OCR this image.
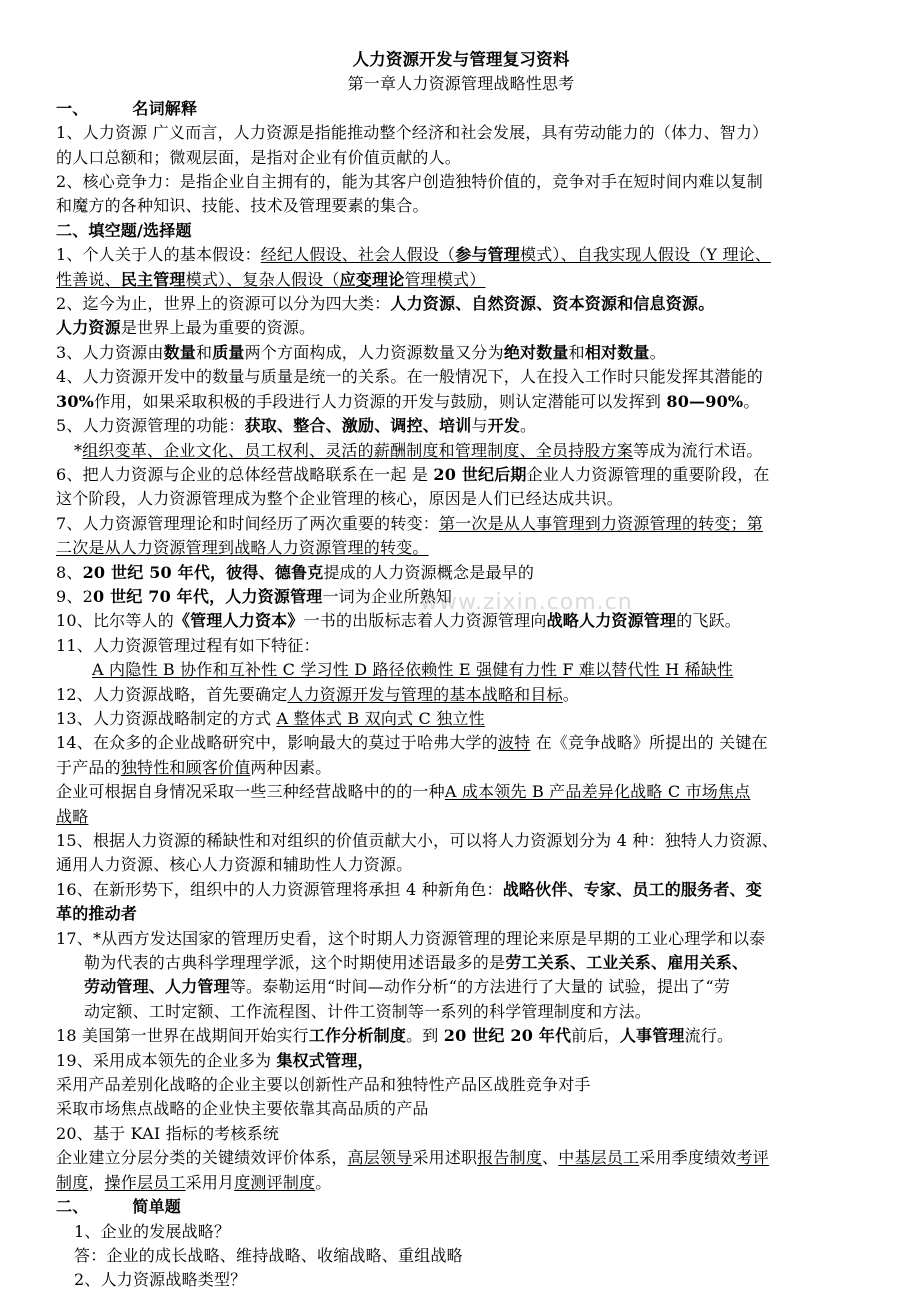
人力资源开发与管理复习资料
第一章人力资源管理战略性思考
一、	名词解释
1、人力资源 广义而言，人力资源是指能推动整个经济和社会发展，具有劳动能力的（体力、智力）
的人口总额和；微观层面，是指对企业有价值贡献的人。
2、核心竞争力：是指企业自主拥有的，能为其客户创造独特价值的，竞争对手在短时间内难以复制
和魔方的各种知识、技能、技术及管理要素的集合。
二、填空题/选择题
1、个人关于人的基本假设：经纪人假设、社会人假设（参与管理模式）、自我实现人假设（Y 理论、
性善说、民主管理模式）、复杂人假设（应变理论管理模式）
2、迄今为止，世界上的资源可以分为四大类：人力资源、自然资源、资本资源和信息资源。
人力资源是世界上最为重要的资源。
3、人力资源由数量和质量两个方面构成，人力资源数量又分为绝对数量和相对数量。
4、人力资源开发中的数量与质量是统一的关系。在一般情况下，人在投入工作时只能发挥其潜能的
30%作用，如果采取积极的手段进行人力资源的开发与鼓励，则认定潜能可以发挥到 80—90%。
5、人力资源管理的功能：获取、整合、激励、调控、培训与开发。
*组织变革、企业文化、员工权利、灵活的薪酬制度和管理制度、全员持股方案等成为流行术语。
6、把人力资源与企业的总体经营战略联系在一起 是 20 世纪后期企业人力资源管理的重要阶段，在
这个阶段，人力资源管理成为整个企业管理的核心，原因是人们已经达成共识。
7、人力资源管理理论和时间经历了两次重要的转变：第一次是从人事管理到力资源管理的转变；第
二次是从人力资源管理到战略人力资源管理的转变。
8、20 世纪 50 年代，彼得、德鲁克提成的人力资源概念是最早的
9、20 世纪 70 年代，人力资源管理一词为企业所熟知
10、比尔等人的《管理人力资本》一书的出版标志着人力资源管理向战略人力资源管理的飞跃。
11、人力资源管理过程有如下特征：
A 内隐性 B 协作和互补性 C 学习性 D 路径依赖性 E 强健有力性 F 难以替代性 H 稀缺性
12、人力资源战略，首先要确定人力资源开发与管理的基本战略和目标。
13、人力资源战略制定的方式 A 整体式 B 双向式 C 独立性
14、在众多的企业战略研究中，影响最大的莫过于哈弗大学的波特 在《竞争战略》所提出的 关键在
于产品的独特性和顾客价值两种因素。
企业可根据自身情况采取一些三种经营战略中的的一种A 成本领先 B 产品差异化战略 C 市场焦点
战略
15、根据人力资源的稀缺性和对组织的价值贡献大小，可以将人力资源划分为 4 种：独特人力资源、
通用人力资源、核心人力资源和辅助性人力资源。
16、在新形势下，组织中的人力资源管理将承担 4 种新角色：战略伙伴、专家、员工的服务者、变
革的推动者
17、*从西方发达国家的管理历史看，这个时期人力资源管理的理论来原是早期的工业心理学和以泰
勒为代表的古典科学理理学派，这个时期使用述语最多的是劳工关系、工业关系、雇用关系、
劳动管理、人力管理等。泰勒运用“时间—动作分析“的方法进行了大量的 试验，提出了“劳
动定额、工时定额、工作流程图、计件工资制等一系列的科学管理制度和方法。
18 美国第一世界在战期间开始实行工作分析制度。到 20 世纪 20 年代前后，人事管理流行。
19、采用成本领先的企业多为 集权式管理，
采用产品差别化战略的企业主要以创新性产品和独特性产品区战胜竞争对手
采取市场焦点战略的企业快主要依靠其高品质的产品
20、基于 KAI 指标的考核系统
企业建立分层分类的关键绩效评价体系，高层领导采用述职报告制度、中基层员工采用季度绩效考评
制度，操作层员工采用月度测评制度。
二、	简单题
1、企业的发展战略？
答：企业的成长战略、维持战略、收缩战略、重组战略
2、人力资源战略类型？
www.zixin.com.cn
